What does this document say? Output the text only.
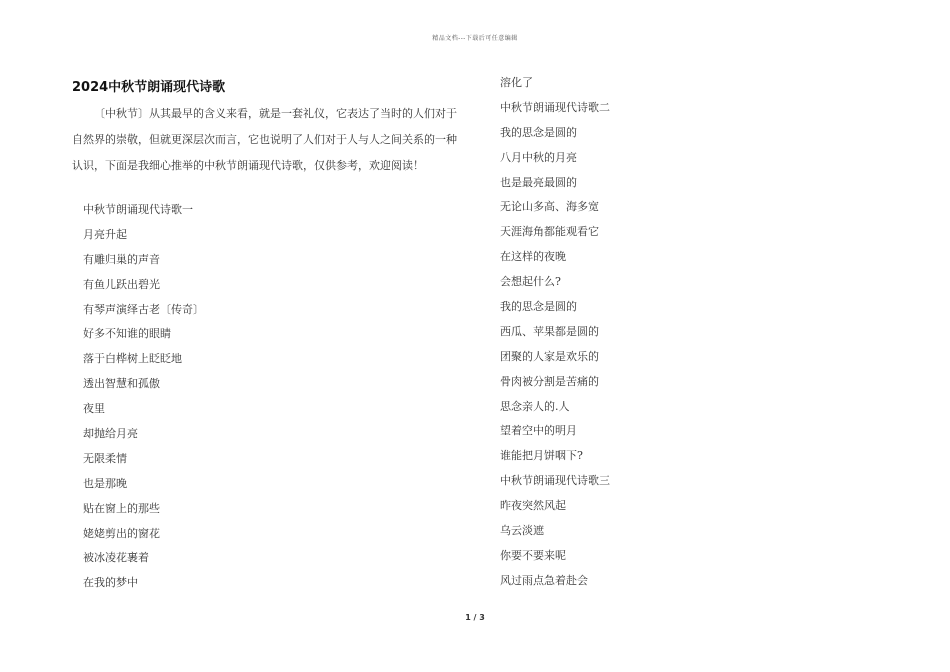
精品文档---下载后可任意编辑
2024中秋节朗诵现代诗歌

〔中秋节〕从其最早的含义来看，就是一套礼仪，它表达了当时的人们对于自然界的崇敬，但就更深层次而言，它也说明了人们对于人与人之间关系的一种认识，下面是我细心推举的中秋节朗诵现代诗歌，仅供参考，欢迎阅读！

中秋节朗诵现代诗歌一
月亮升起
有雕归巢的声音
有鱼儿跃出碧光
有琴声演绎古老〔传奇〕
好多不知谁的眼睛
落于白桦树上眨眨地
透出智慧和孤傲
夜里
却抛给月亮
无限柔情
也是那晚
贴在窗上的那些
姥姥剪出的窗花
被冰凌花裹着
在我的梦中
溶化了
中秋节朗诵现代诗歌二
我的思念是圆的
八月中秋的月亮
也是最亮最圆的
无论山多高、海多宽
天涯海角都能观看它
在这样的夜晚
会想起什么?
我的思念是圆的
西瓜、苹果都是圆的
团聚的人家是欢乐的
骨肉被分割是苦痛的
思念亲人的.人
望着空中的明月
谁能把月饼咽下?
中秋节朗诵现代诗歌三
昨夜突然风起
乌云淡遮
你要不要来呢
风过雨点急着赴会
1 / 3
